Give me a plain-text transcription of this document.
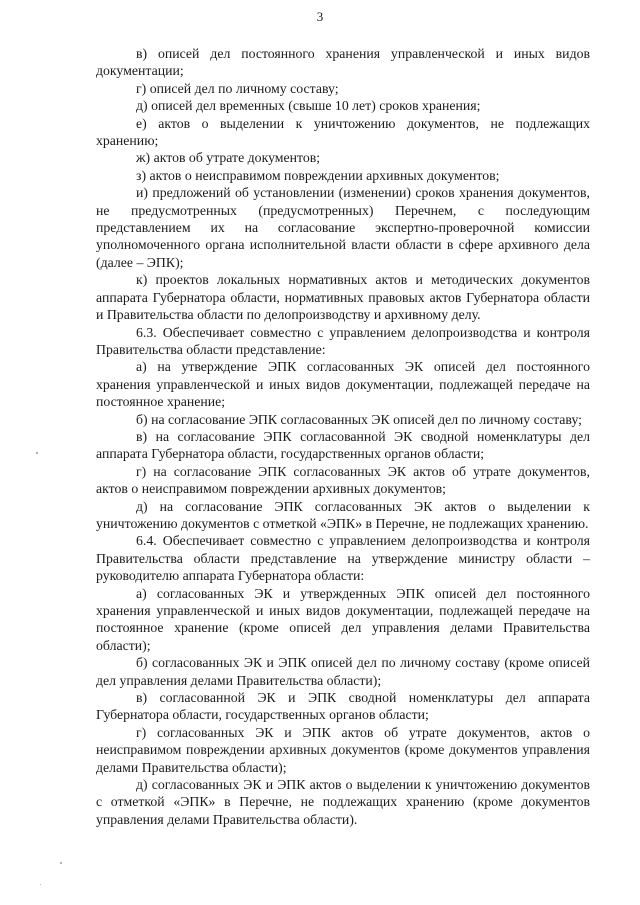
3

в) описей дел постоянного хранения управленческой и иных видов документации;

г) описей дел по личному составу;

д) описей дел временных (свыше 10 лет) сроков хранения;

е) актов о выделении к уничтожению документов, не подлежащих хранению;

ж) актов об утрате документов;

з) актов о неисправимом повреждении архивных документов;

и) предложений об установлении (изменении) сроков хранения документов, не предусмотренных (предусмотренных) Перечнем, с последующим представлением их на согласование экспертно-проверочной комиссии уполномоченного органа исполнительной власти области в сфере архивного дела (далее – ЭПК);

к) проектов локальных нормативных актов и методических документов аппарата Губернатора области, нормативных правовых актов Губернатора области и Правительства области по делопроизводству и архивному делу.

6.3. Обеспечивает совместно с управлением делопроизводства и контроля Правительства области представление:

а) на утверждение ЭПК согласованных ЭК описей дел постоянного хранения управленческой и иных видов документации, подлежащей передаче на постоянное хранение;

б) на согласование ЭПК согласованных ЭК описей дел по личному составу;

в) на согласование ЭПК согласованной ЭК сводной номенклатуры дел аппарата Губернатора области, государственных органов области;

г) на согласование ЭПК согласованных ЭК актов об утрате документов, актов о неисправимом повреждении архивных документов;

д) на согласование ЭПК согласованных ЭК актов о выделении к уничтожению документов с отметкой «ЭПК» в Перечне, не подлежащих хранению.

6.4. Обеспечивает совместно с управлением делопроизводства и контроля Правительства области представление на утверждение министру области – руководителю аппарата Губернатора области:

а) согласованных ЭК и утвержденных ЭПК описей дел постоянного хранения управленческой и иных видов документации, подлежащей передаче на постоянное хранение (кроме описей дел управления делами Правительства области);

б) согласованных ЭК и ЭПК описей дел по личному составу (кроме описей дел управления делами Правительства области);

в) согласованной ЭК и ЭПК сводной номенклатуры дел аппарата Губернатора области, государственных органов области;

г) согласованных ЭК и ЭПК актов об утрате документов, актов о неисправимом повреждении архивных документов (кроме документов управления делами Правительства области);

д) согласованных ЭК и ЭПК актов о выделении к уничтожению документов с отметкой «ЭПК» в Перечне, не подлежащих хранению (кроме документов управления делами Правительства области).
